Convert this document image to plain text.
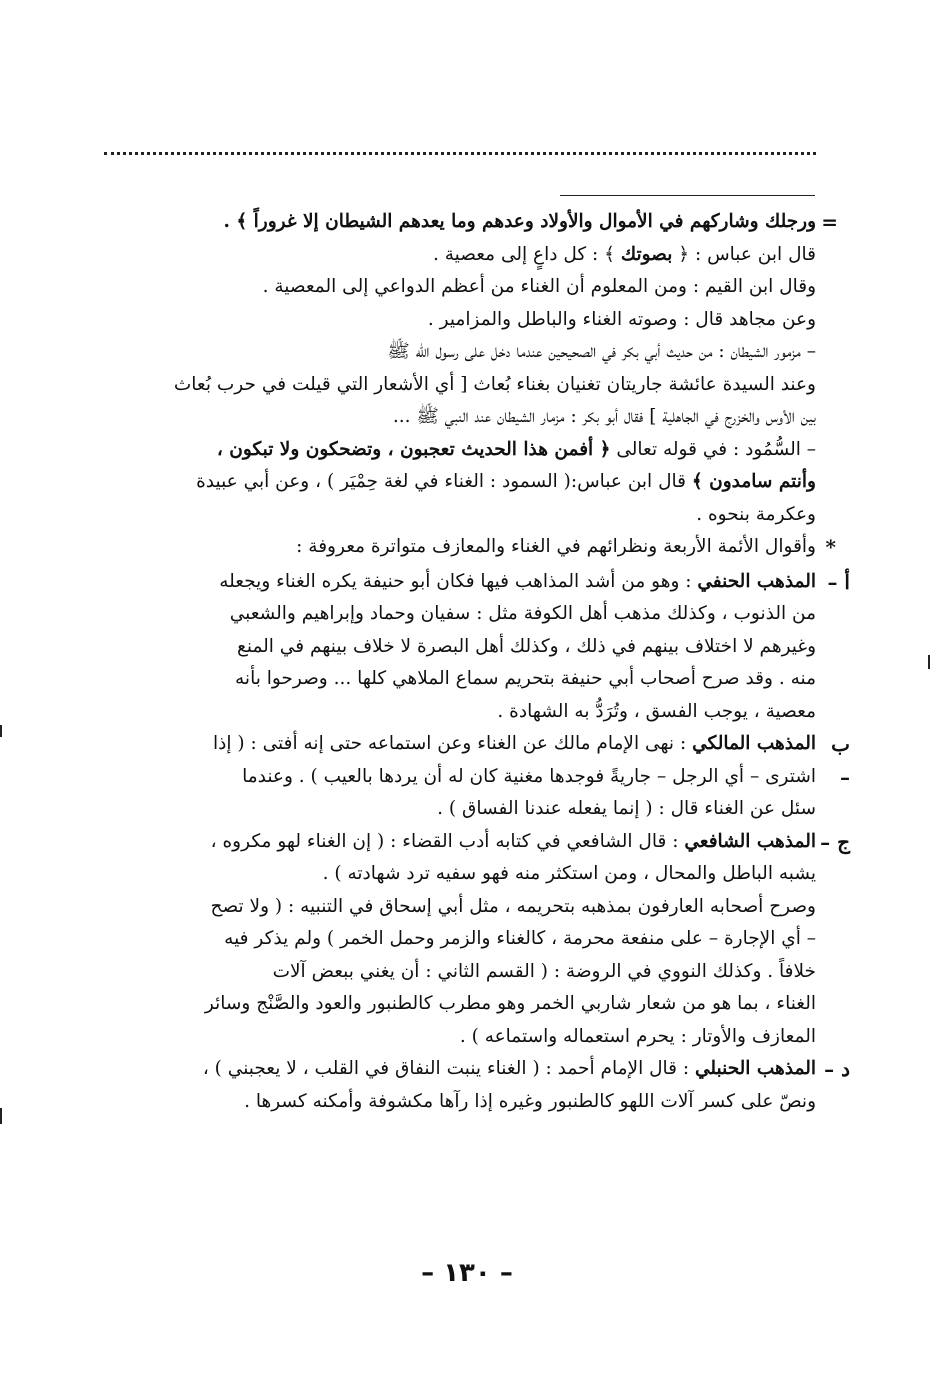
=
ورجلك وشاركهم في الأموال والأولاد وعدهم وما يعدهم الشيطان إلا غروراً ﴾ .
قال ابن عباس : ﴿ بصوتك ﴾ : كل داعٍ إلى معصية .
وقال ابن القيم : ومن المعلوم أن الغناء من أعظم الدواعي إلى المعصية .
وعن مجاهد قال : وصوته الغناء والباطل والمزامير .
– مزمور الشيطان : من حديث أبي بكر في الصحيحين عندما دخل على رسول الله ﷺ
وعند السيدة عائشة جاريتان تغنيان بغناء بُعاث [ أي الأشعار التي قيلت في حرب بُعاث
بين الأوس والخزرج في الجاهلية ] فقال أبو بكر : مزمار الشيطان عند النبي ﷺ ...
– السُّمُود : في قوله تعالى ﴿ أفمن هذا الحديث تعجبون ، وتضحكون ولا تبكون ،
وأنتم سامدون ﴾ قال ابن عباس:( السمود : الغناء في لغة حِمْيَر ) ، وعن أبي عبيدة
وعكرمة بنحوه .
*
وأقوال الأئمة الأربعة ونظرائهم في الغناء والمعازف متواترة معروفة :
أ –
المذهب الحنفي : وهو من أشد المذاهب فيها فكان أبو حنيفة يكره الغناء ويجعله
من الذنوب ، وكذلك مذهب أهل الكوفة مثل : سفيان وحماد وإبراهيم والشعبي
وغيرهم لا اختلاف بينهم في ذلك ، وكذلك أهل البصرة لا خلاف بينهم في المنع
منه . وقد صرح أصحاب أبي حنيفة بتحريم سماع الملاهي كلها ... وصرحوا بأنه
معصية ، يوجب الفسق ، وتُرَدُّ به الشهادة .
ب –
المذهب المالكي : نهى الإمام مالك عن الغناء وعن استماعه حتى إنه أفتى : ( إذا
اشترى – أي الرجل – جاريةً فوجدها مغنية كان له أن يردها بالعيب ) . وعندما
سئل عن الغناء قال : ( إنما يفعله عندنا الفساق ) .
ج –
المذهب الشافعي : قال الشافعي في كتابه أدب القضاء : ( إن الغناء لهو مكروه ،
يشبه الباطل والمحال ، ومن استكثر منه فهو سفيه ترد شهادته ) .
وصرح أصحابه العارفون بمذهبه بتحريمه ، مثل أبي إسحاق في التنبيه : ( ولا تصح
– أي الإجارة – على منفعة محرمة ، كالغناء والزمر وحمل الخمر ) ولم يذكر فيه
خلافاً . وكذلك النووي في الروضة : ( القسم الثاني : أن يغني ببعض آلات
الغناء ، بما هو من شعار شاربي الخمر وهو مطرب كالطنبور والعود والصَّنْج وسائر
المعازف والأوتار : يحرم استعماله واستماعه ) .
د –
المذهب الحنبلي : قال الإمام أحمد : ( الغناء ينبت النفاق في القلب ، لا يعجبني ) ،
ونصّ على كسر آلات اللهو كالطنبور وغيره إذا رآها مكشوفة وأمكنه كسرها .
– ١٣٠ –
